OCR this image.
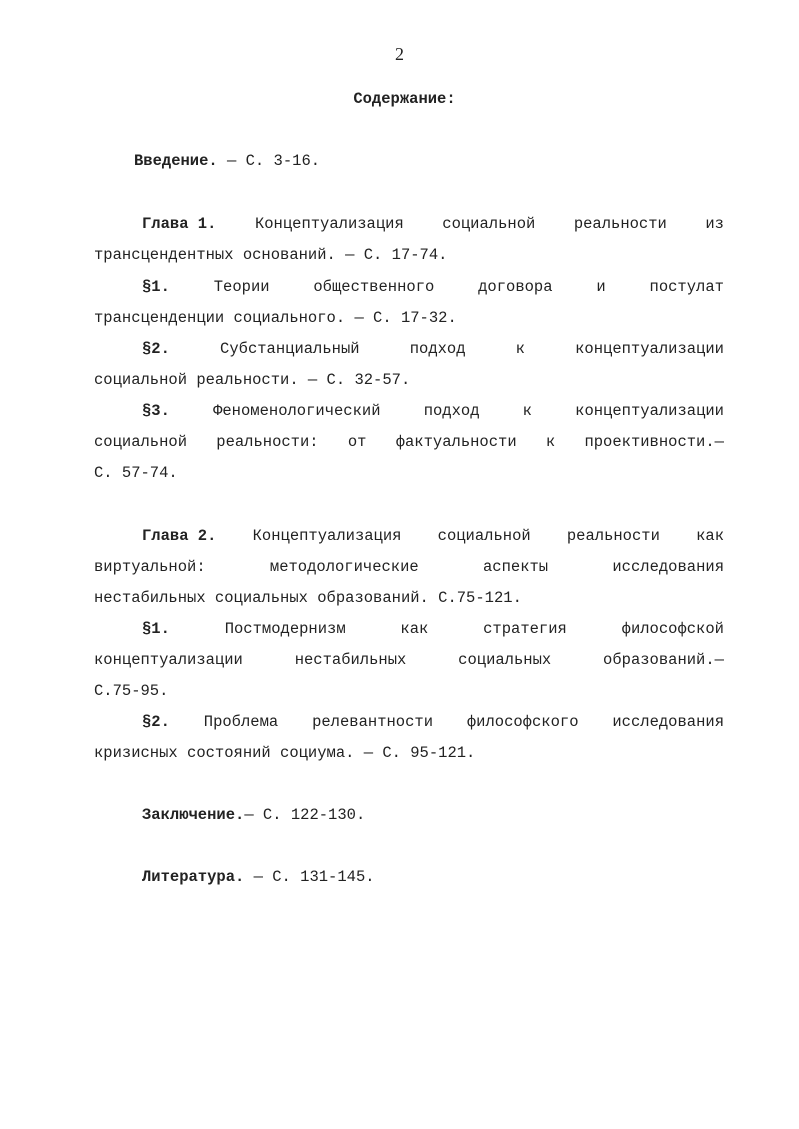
2
Содержание:
Введение. — С. 3-16.
Глава 1. Концептуализация социальной реальности из
трансцендентных оснований. — С. 17-74.
§1.	Теории	общественного	договора	и	постулат
трансценденции социального. — С. 17-32.
§2.	Субстанциальный	подход	к	концептуализации
социальной реальности. — С. 32-57.
§3.	Феноменологический	подход	к	концептуализации
социальной реальности: от фактуальности к проективности.—
С. 57-74.
Глава 2. Концептуализация социальной реальности как
виртуальной:	методологические	аспекты	исследования
нестабильных социальных образований. С.75-121.
§1.	Постмодернизм	как	стратегия	философской
концептуализации	нестабильных	социальных	образований.—
С.75-95.
§2. Проблема релевантности философского исследования
кризисных состояний социума. — С. 95-121.
Заключение.— С. 122-130.
Литература. — С. 131-145.
